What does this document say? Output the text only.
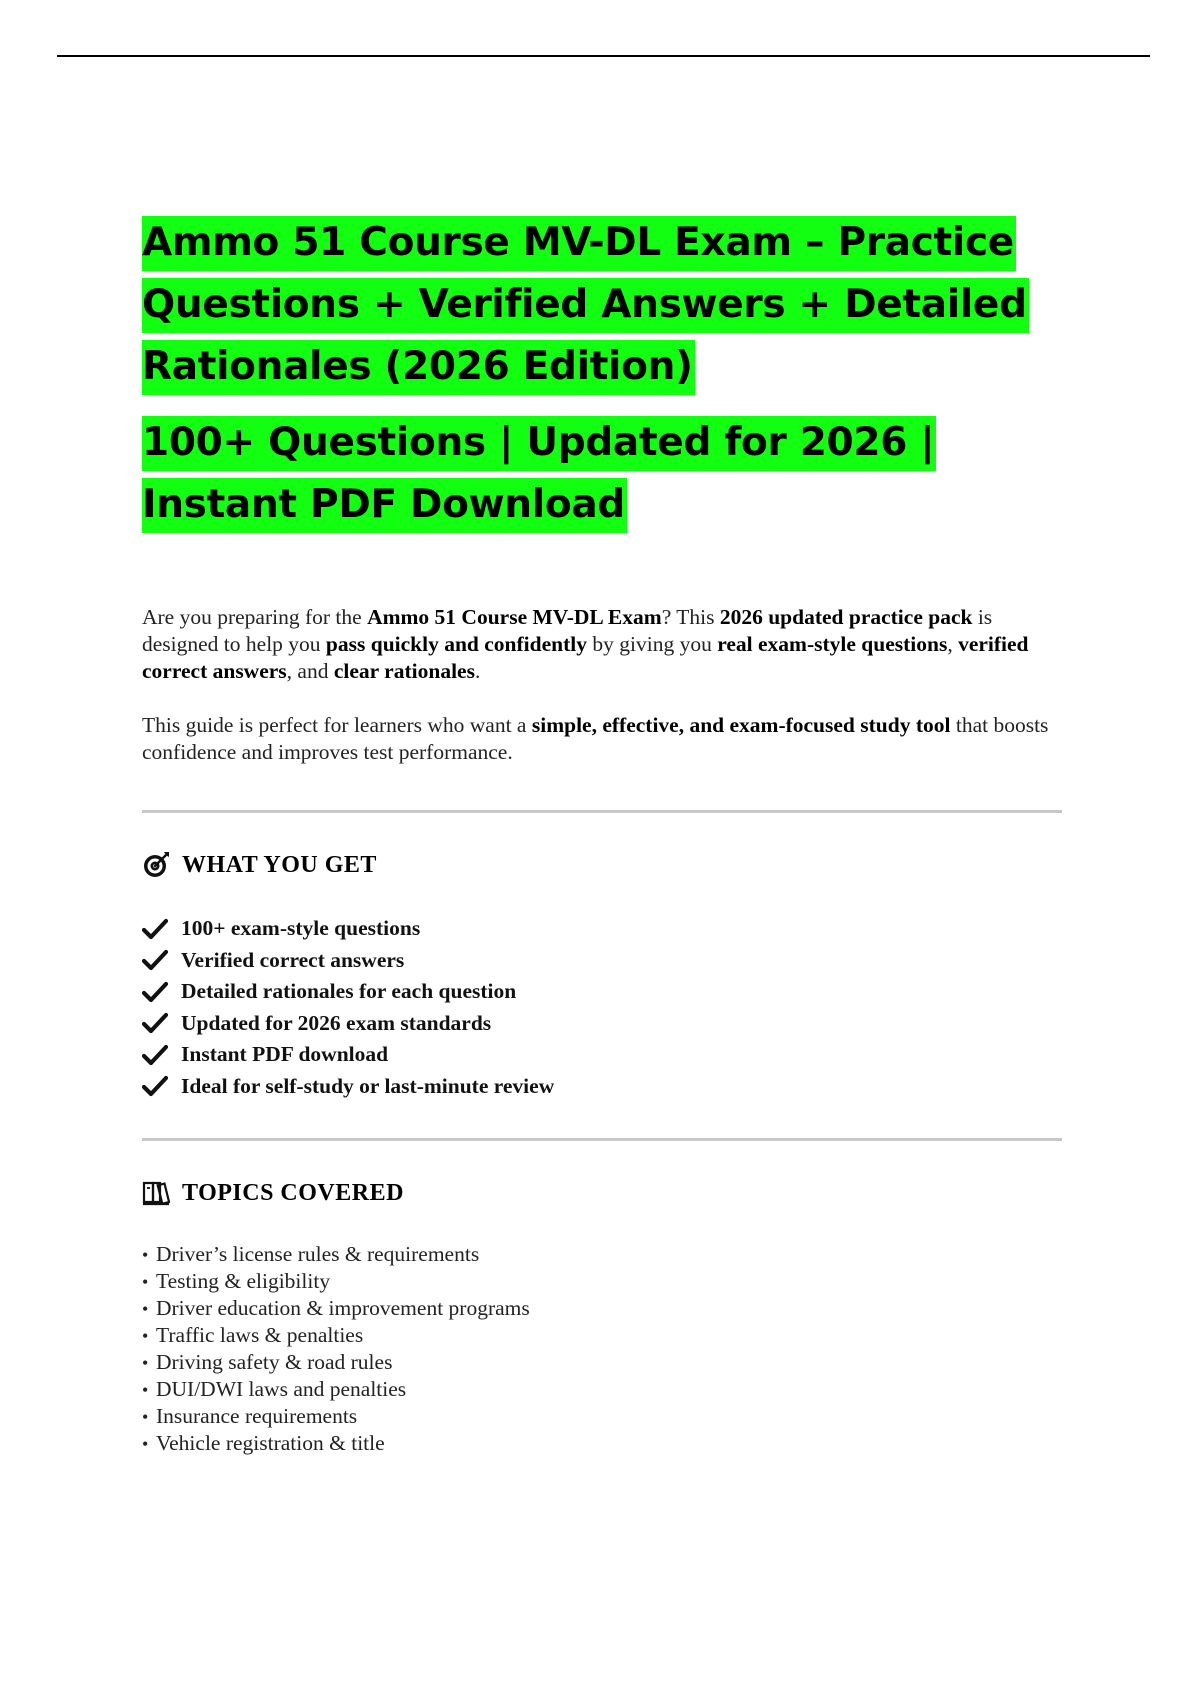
Ammo 51 Course MV-DL Exam – Practice Questions + Verified Answers + Detailed Rationales (2026 Edition)
100+ Questions | Updated for 2026 | Instant PDF Download

Are you preparing for the Ammo 51 Course MV-DL Exam? This 2026 updated practice pack is designed to help you pass quickly and confidently by giving you real exam-style questions, verified correct answers, and clear rationales.

This guide is perfect for learners who want a simple, effective, and exam-focused study tool that boosts confidence and improves test performance.

WHAT YOU GET
100+ exam-style questions
Verified correct answers
Detailed rationales for each question
Updated for 2026 exam standards
Instant PDF download
Ideal for self-study or last-minute review
TOPICS COVERED
• Driver’s license rules & requirements
• Testing & eligibility
• Driver education & improvement programs
• Traffic laws & penalties
• Driving safety & road rules
• DUI/DWI laws and penalties
• Insurance requirements
• Vehicle registration & title
